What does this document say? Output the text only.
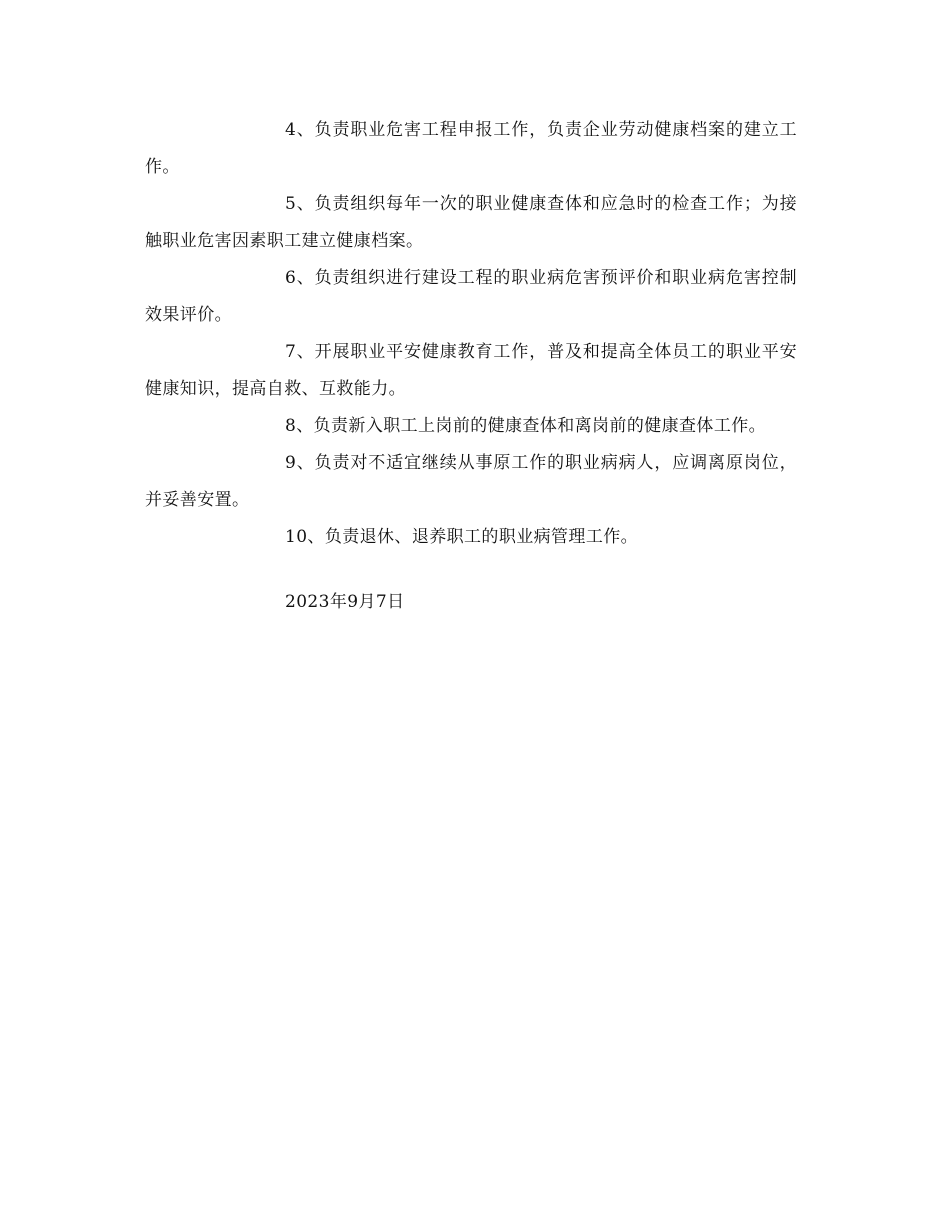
4、负责职业危害工程申报工作，负责企业劳动健康档案的建立工作。

5、负责组织每年一次的职业健康查体和应急时的检查工作；为接触职业危害因素职工建立健康档案。

6、负责组织进行建设工程的职业病危害预评价和职业病危害控制效果评价。

7、开展职业平安健康教育工作，普及和提高全体员工的职业平安健康知识，提高自救、互救能力。

8、负责新入职工上岗前的健康查体和离岗前的健康查体工作。

9、负责对不适宜继续从事原工作的职业病病人，应调离原岗位，并妥善安置。

10、负责退休、退养职工的职业病管理工作。

2023年9月7日
